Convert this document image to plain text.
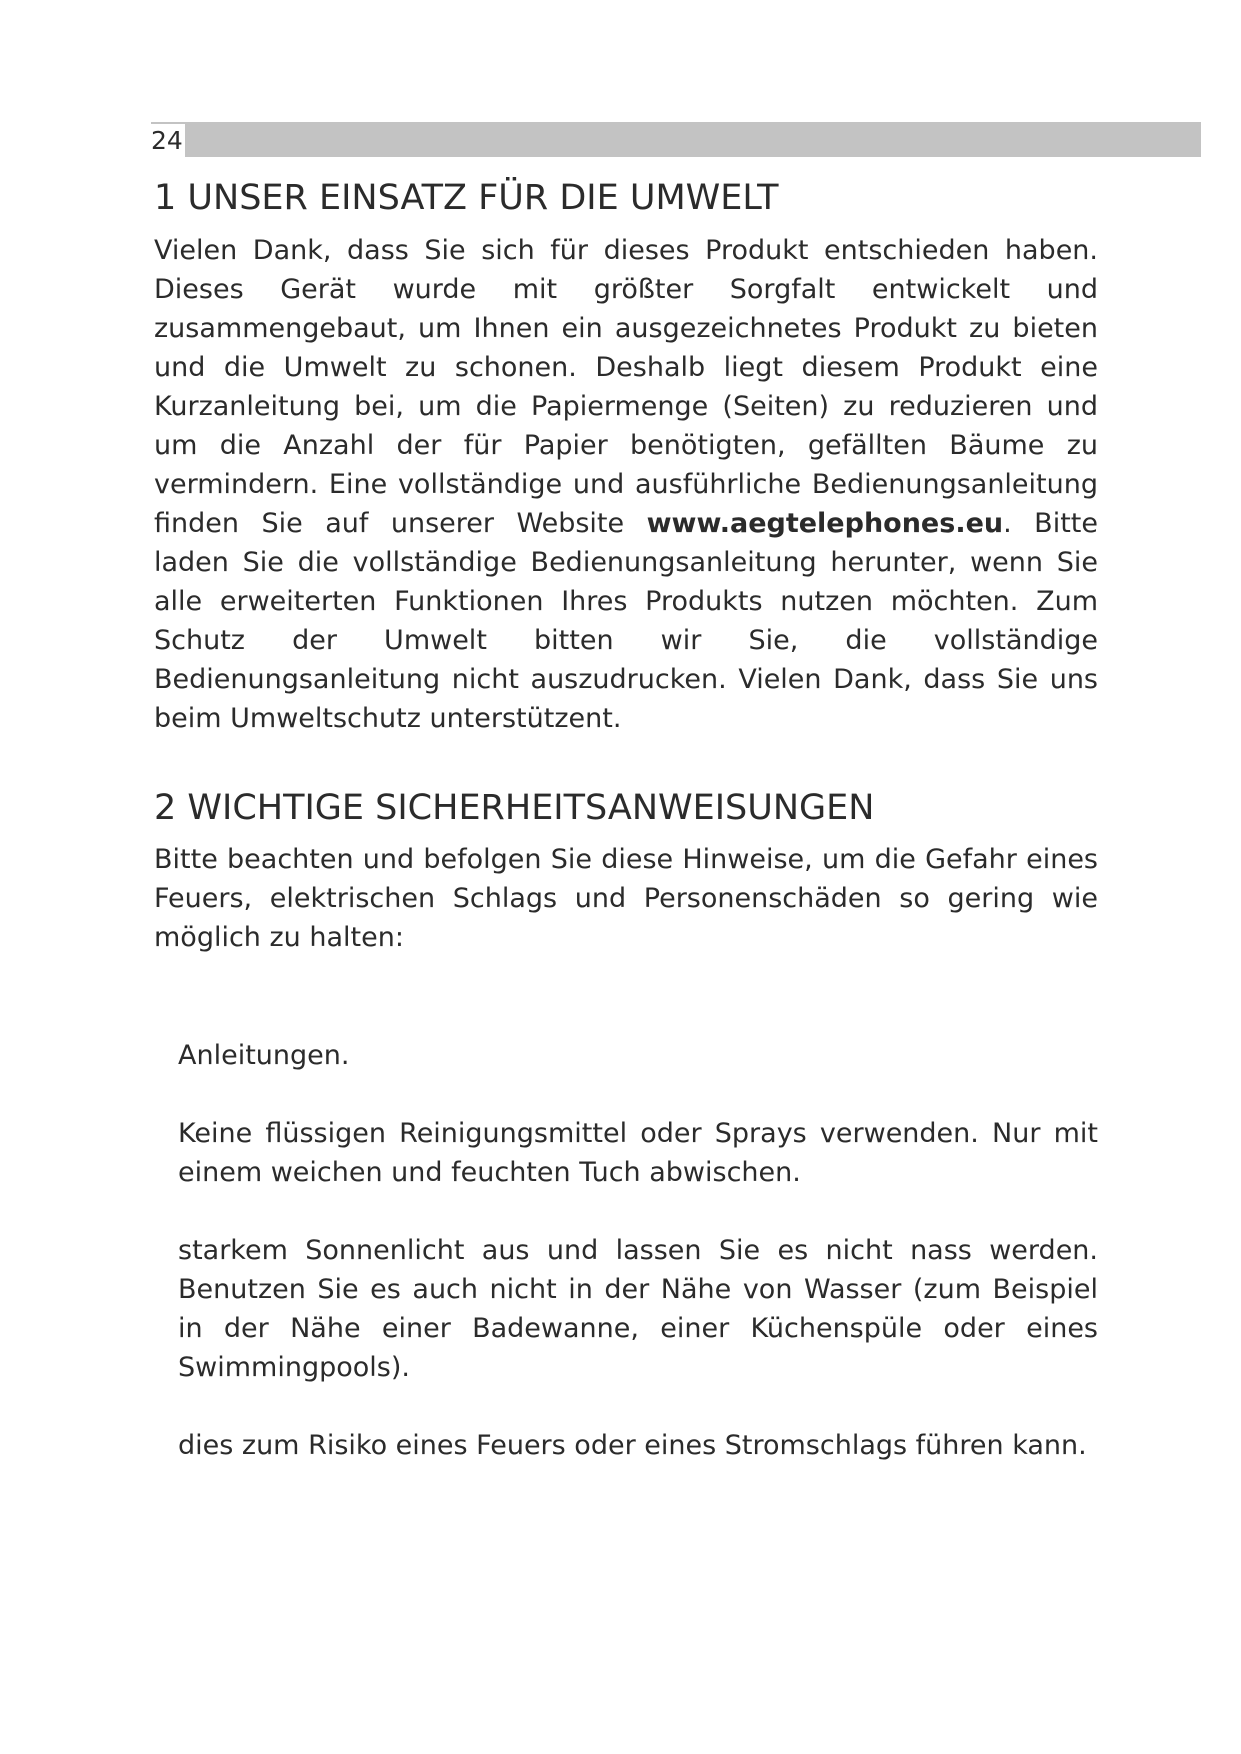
24
1 UNSER EINSATZ FÜR DIE UMWELT

Vielen Dank, dass Sie sich für dieses Produkt entschieden haben. Dieses Gerät wurde mit größter Sorgfalt entwickelt und zusammengebaut, um Ihnen ein ausgezeichnetes Produkt zu bieten und die Umwelt zu schonen. Deshalb liegt diesem Produkt eine Kurzanleitung bei, um die Papiermenge (Seiten) zu reduzieren und um die Anzahl der für Papier benötigten, gefällten Bäume zu vermindern. Eine vollständige und ausführliche Bedienungsanleitung finden Sie auf unserer Website www.aegtelephones.eu. Bitte laden Sie die vollständige Bedienungsanleitung herunter, wenn Sie alle erweiterten Funktionen Ihres Produkts nutzen möchten. Zum Schutz der Umwelt bitten wir Sie, die vollständige Bedienungsanleitung nicht auszudrucken. Vielen Dank, dass Sie uns beim Umweltschutz unterstützent.

2 WICHTIGE SICHERHEITSANWEISUNGEN

Bitte beachten und befolgen Sie diese Hinweise, um die Gefahr eines Feuers, elektrischen Schlags und Personenschäden so gering wie möglich zu halten:

Anleitungen.

Keine flüssigen Reinigungsmittel oder Sprays verwenden. Nur mit einem weichen und feuchten Tuch abwischen.

starkem Sonnenlicht aus und lassen Sie es nicht nass werden. Benutzen Sie es auch nicht in der Nähe von Wasser (zum Beispiel in der Nähe einer Badewanne, einer Küchenspüle oder eines Swimmingpools).

dies zum Risiko eines Feuers oder eines Stromschlags führen kann.
